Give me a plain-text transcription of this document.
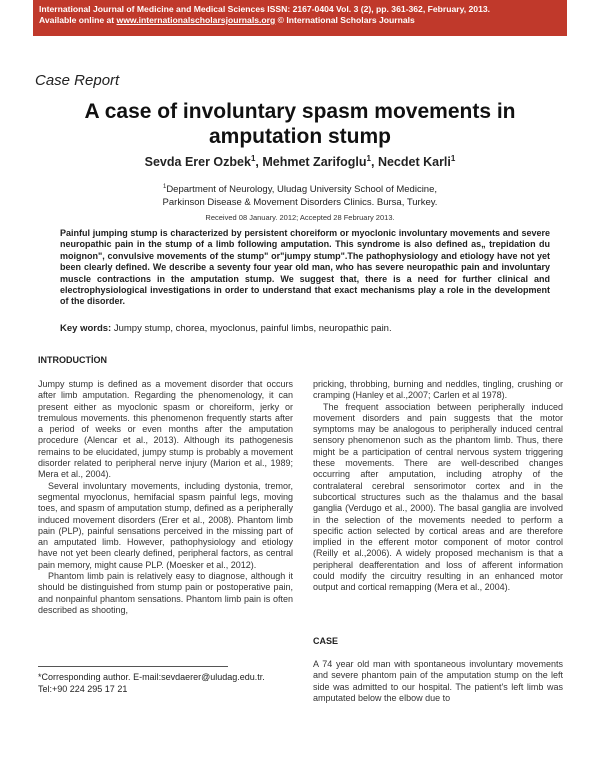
International Journal of Medicine and Medical Sciences ISSN: 2167-0404 Vol. 3 (2), pp. 361-362, February, 2013.
Available online at www.internationalscholarsjournals.org © International Scholars Journals
Case Report
A case of involuntary spasm movements in amputation stump
Sevda Erer Ozbek$^1$, Mehmet Zarifoglu$^1$, Necdet Karli$^1$
$^1$Department of Neurology, Uludag University School of Medicine, Parkinson Disease & Movement Disorders Clinics. Bursa, Turkey.
Received 08 January. 2012; Accepted 28 February 2013.
Painful jumping stump is characterized by persistent choreiform or myoclonic involuntary movements and severe neuropathic pain in the stump of a limb following amputation. This syndrome is also defined as„ trepidation du moignon", convulsive movements of the stump" or"jumpy stump".The pathophysiology and etiology have not yet been clearly defined. We describe a seventy four year old man, who has severe neuropathic pain and involuntary muscle contractions in the amputation stump. We suggest that, there is a need for further clinical and electrophysiological investigations in order to understand that exact mechanisms play a role in the development of the disorder.
Key words: Jumpy stump, chorea, myoclonus, painful limbs, neuropathic pain.
INTRODUCTİON

Jumpy stump is defined as a movement disorder that occurs after limb amputation. Regarding the phenomenology, it can present either as myoclonic spasm or choreiform, jerky or tremulous movements. this phenomenon frequently starts after a period of weeks or even months after the amputation procedure (Alencar et al., 2013). Although its pathogenesis remains to be elucidated, jumpy stump is probably a movement disorder related to peripheral nerve injury (Marion et al., 1989; Mera et al., 2004).

Several involuntary movements, including dystonia, tremor, segmental myoclonus, hemifacial spasm painful legs, moving toes, and spasm of amputation stump, defined as a peripherally induced movement disorders (Erer et al., 2008). Phantom limb pain (PLP), painful sensations perceived in the missing part of an amputated limb. However, pathophysiology and etiology have not yet been clearly defined, peripheral factors, as central pain memory, might cause PLP. (Moesker et al., 2012).

Phantom limb pain is relatively easy to diagnose, although it should be distinguished from stump pain or postoperative pain, and nonpainful phantom sensations. Phantom limb pain is often described as shooting,

pricking, throbbing, burning and neddles, tingling, crushing or cramping (Hanley et al.,2007; Carlen et al 1978).

The frequent association between peripherally induced movement disorders and pain suggests that the motor symptoms may be analogous to peripherally induced central sensory phenomenon such as the phantom limb. Thus, there might be a participation of central nervous system triggering these movements. There are well-described changes occurring after amputation, including atrophy of the contralateral cerebral sensorimotor cortex and in the subcortical structures such as the thalamus and the basal ganglia (Verdugo et al., 2000). The basal ganglia are involved in the selection of the movements needed to perform a specific action selected by cortical areas and are therefore implied in the efferent motor component of motor control (Reilly et al.,2006). A widely proposed mechanism is that a peripheral deafferentation and loss of afferent information could modify the circuitry resulting in an enhanced motor output and cortical remapping (Mera et al., 2004).

CASE
A 74 year old man with spontaneous involuntary movements and severe phantom pain of the amputation stump on the left side was admitted to our hospital. The patient's left limb was amputated below the elbow due to
*Corresponding author. E-mail:sevdaerer@uludag.edu.tr.
Tel:+90 224 295 17 21
